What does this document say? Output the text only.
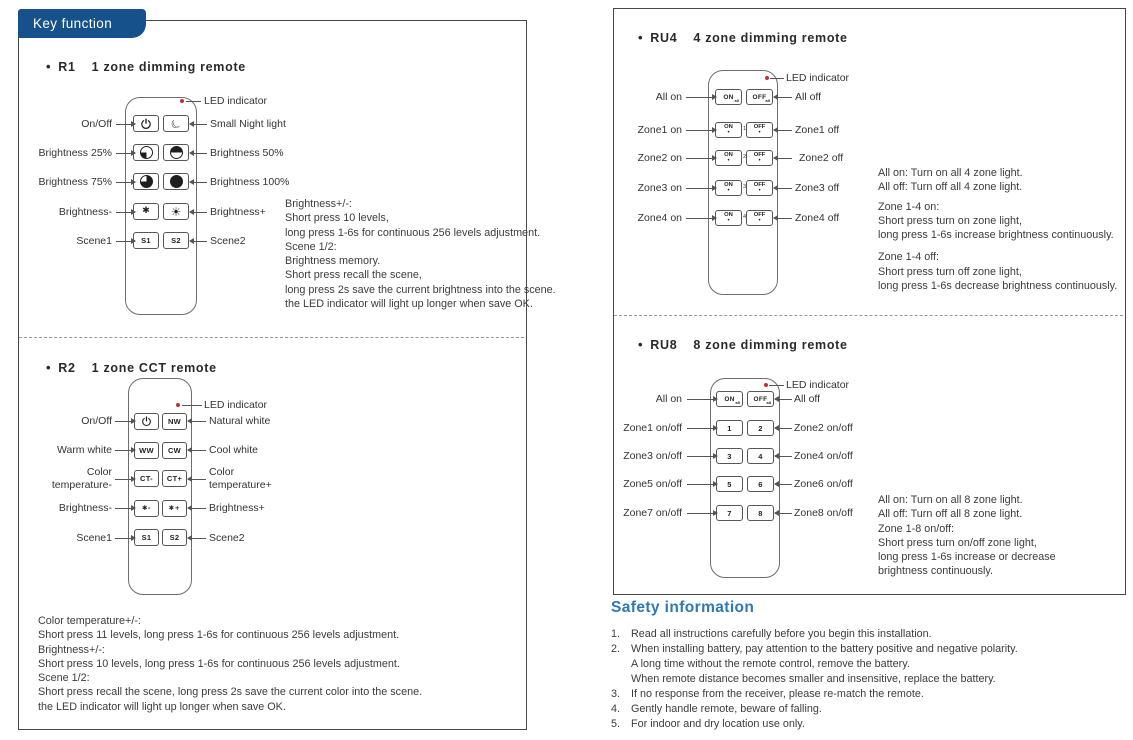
Key function
• R1 1 zone dimming remote
LED indicator
☾
✱ ☀
S1	S2
On/Off
Brightness 25%
Brightness 75%
Brightness-
Scene1
Small Night light
Brightness 50%
Brightness 100%
Brightness+
Scene2
Brightness+/-:
Short press 10 levels,
long press 1-6s for continuous 256 levels adjustment.
Scene 1/2:
Brightness memory.
Short press recall the scene,
long press 2s save the current brightness into the scene.
the LED indicator will light up longer when save OK.
• R2 1 zone CCT remote
LED indicator
NW
WW CW
CT- CT+
✱-	✱+
S1 S2
On/Off
Warm white
Color
temperature-
Brightness-
Scene1
Natural white
Cool white
Color
temperature+
Brightness+
Scene2
Color temperature+/-:
Short press 11 levels, long press 1-6s for continuous 256 levels adjustment.
Brightness+/-:
Short press 10 levels, long press 1-6s for continuous 256 levels adjustment.
Scene 1/2:
Short press recall the scene, long press 2s save the current color into the scene.
the LED indicator will light up longer when save OK.
• RU4 4 zone dimming remote
LED indicator
ON all OFF all
ON
•
OFF
•
1
ON
•
OFF
•
2
ON
•
OFF
•
3
ON
•
OFF
•
4
All on
Zone1 on
Zone2 on
Zone3 on
Zone4 on
All off
Zone1 off
Zone2 off
Zone3 off
Zone4 off
All on: Turn on all 4 zone light.
All off: Turn off all 4 zone light.
Zone 1-4 on:
Short press turn on zone light,
long press 1-6s increase brightness continuously.
Zone 1-4 off:
Short press turn off zone light,
long press 1-6s decrease brightness continuously.
• RU8 8 zone dimming remote
LED indicator
ON all OFF all
1	2
3	4
5	6
7	8
All on
Zone1 on/off
Zone3 on/off
Zone5 on/off
Zone7 on/off
All off
Zone2 on/off
Zone4 on/off
Zone6 on/off
Zone8 on/off
All on: Turn on all 8 zone light.
All off: Turn off all 8 zone light.
Zone 1-8 on/off:
Short press turn on/off zone light,
long press 1-6s increase or decrease
brightness continuously.
Safety information
1.	Read all instructions carefully before you begin this installation.
2.	When installing battery, pay attention to the battery positive and negative polarity.
A long time without the remote control, remove the battery.
When remote distance becomes smaller and insensitive, replace the battery.
3.	If no response from the receiver, please re-match the remote.
4.	Gently handle remote, beware of falling.
5.	For indoor and dry location use only.
